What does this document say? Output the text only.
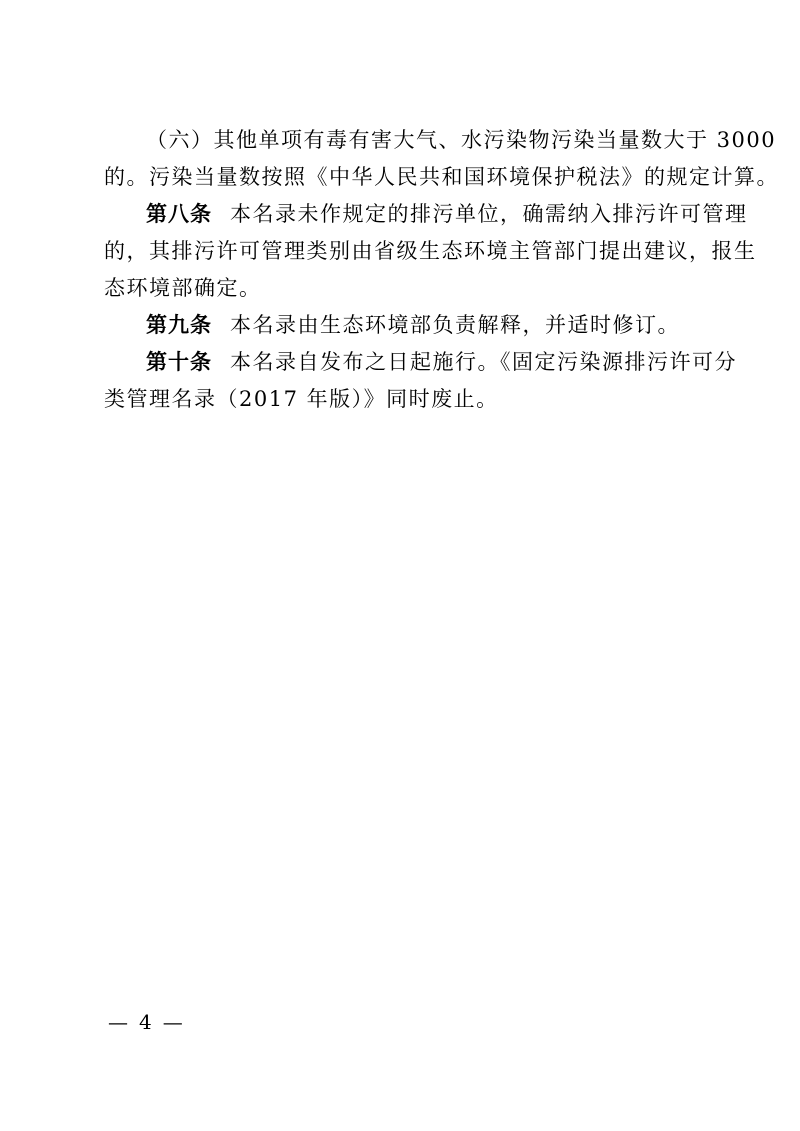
（六）其他单项有毒有害大气、水污染物污染当量数大于 3000
的。污染当量数按照《中华人民共和国环境保护税法》的规定计算。
第八条 本名录未作规定的排污单位，确需纳入排污许可管理
的，其排污许可管理类别由省级生态环境主管部门提出建议，报生
态环境部确定。
第九条 本名录由生态环境部负责解释，并适时修订。
第十条 本名录自发布之日起施行。《固定污染源排污许可分
类管理名录（2017 年版）》同时废止。
— 4 —
